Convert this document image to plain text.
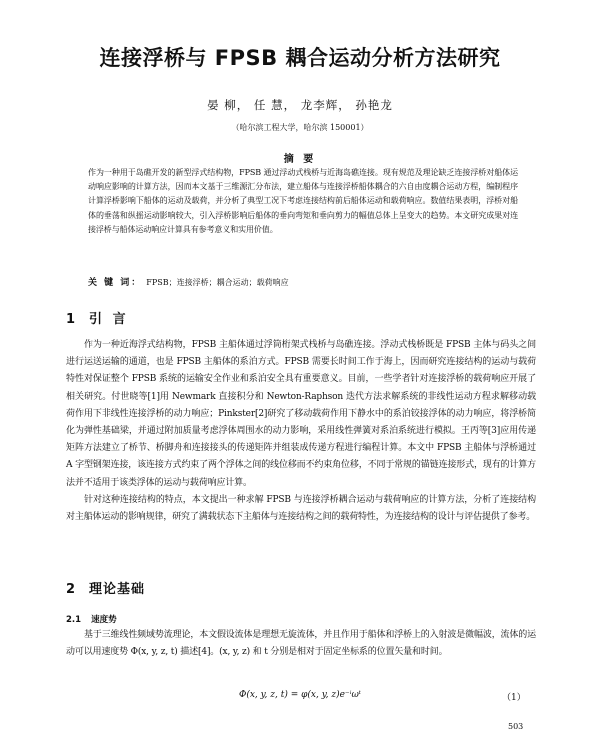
连接浮桥与 FPSB 耦合运动分析方法研究
晏 柳， 任 慧， 龙李辉， 孙艳龙
（哈尔滨工程大学，哈尔滨 150001）
摘 要
作为一种用于岛礁开发的新型浮式结构物，FPSB 通过浮动式栈桥与近海岛礁连接。现有规范及理论缺乏连接浮桥对船体运动响应影响的计算方法，因而本文基于三维源汇分布法，建立船体与连接浮桥船体耦合的六自由度耦合运动方程，编制程序计算浮桥影响下船体的运动及载荷，并分析了典型工况下考虑连接结构前后船体运动和载荷响应。数值结果表明，浮桥对船体的垂荡和纵摇运动影响较大，引入浮桥影响后船体的垂向弯矩和垂向剪力的幅值总体上呈变大的趋势。本文研究成果对连接浮桥与船体运动响应计算具有参考意义和实用价值。
关 键 词： FPSB；连接浮桥；耦合运动；载荷响应
1 引 言

作为一种近海浮式结构物，FPSB 主船体通过浮筒桁架式栈桥与岛礁连接。浮动式栈桥既是 FPSB 主体与码头之间进行运送运输的通道，也是 FPSB 主船体的系泊方式。FPSB 需要长时间工作于海上，因而研究连接结构的运动与载荷特性对保证整个 FPSB 系统的运输安全作业和系泊安全具有重要意义。目前，一些学者针对连接浮桥的载荷响应开展了相关研究。付世晓等[1]用 Newmark 直接积分和 Newton-Raphson 迭代方法求解系统的非线性运动方程求解移动载荷作用下非线性连接浮桥的动力响应；Pinkster[2]研究了移动载荷作用下静水中的系泊铰接浮体的动力响应，将浮桥简化为弹性基础梁，并通过附加质量考虑浮体周围水的动力影响，采用线性弹簧对系泊系统进行模拟。王丙等[3]应用传递矩阵方法建立了桥节、桥脚舟和连接接头的传递矩阵并组装成传递方程进行编程计算。本文中 FPSB 主船体与浮桥通过 A 字型钢架连接，该连接方式约束了两个浮体之间的线位移而不约束角位移，不同于常规的锚链连接形式，现有的计算方法并不适用于该类浮体的运动与载荷响应计算。

针对这种连接结构的特点，本文提出一种求解 FPSB 与连接浮桥耦合运动与载荷响应的计算方法，分析了连接结构对主船体运动的影响规律，研究了满载状态下主船体与连接结构之间的载荷特性，为连接结构的设计与评估提供了参考。

2 理论基础
2.1 速度势

基于三维线性频域势流理论，本文假设流体是理想无旋流体，并且作用于船体和浮桥上的入射波是微幅波，流体的运动可以用速度势 Φ(x, y, z, t) 描述[4]。(x, y, z) 和 t 分别是相对于固定坐标系的位置矢量和时间。

Φ(x, y, z, t) = φ(x, y, z)e⁻ⁱωᵗ	（1）
503
